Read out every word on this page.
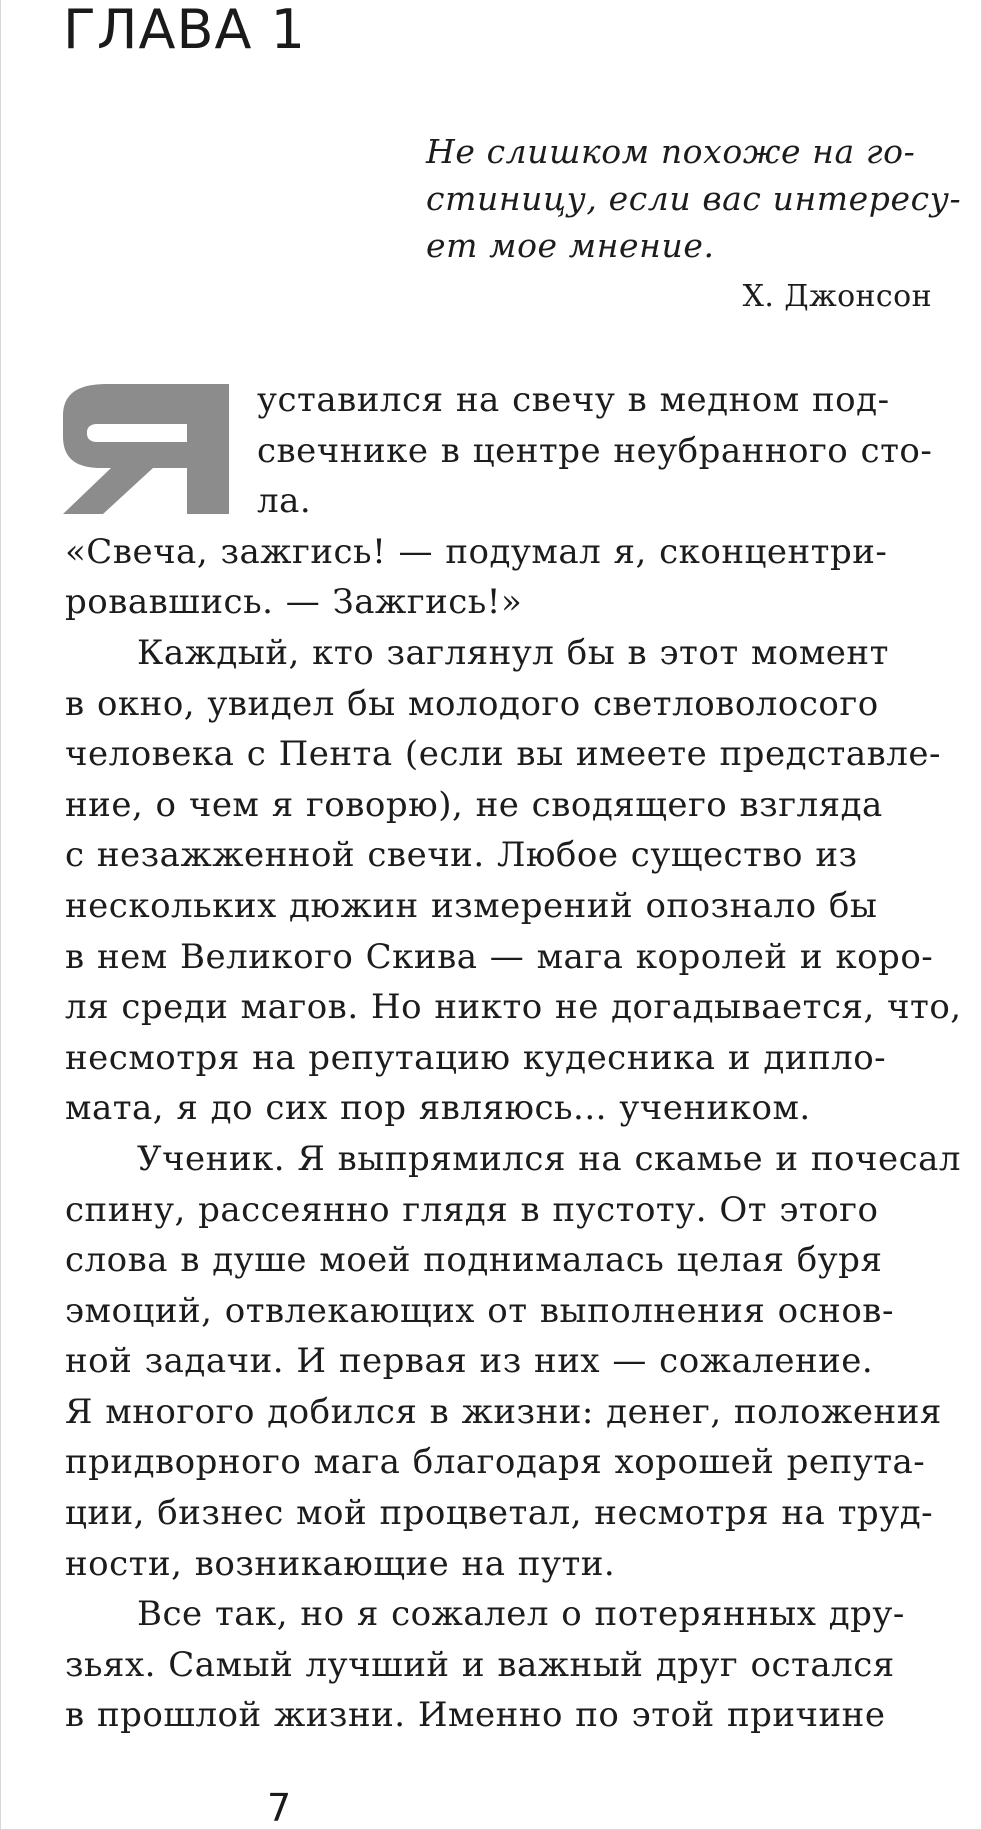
ГЛАВА 1
Не слишком похоже на го-
стиницу, если вас интересу-
ет мое мнение.
Х. Джонсон
уставился на свечу в медном под-
свечнике в центре неубранного сто-
ла.
«Свеча, зажгись! — подумал я, сконцентри-
ровавшись. — Зажгись!»
Каждый, кто заглянул бы в этот момент
в окно, увидел бы молодого светловолосого
человека с Пента (если вы имеете представле-
ние, о чем я говорю), не сводящего взгляда
с незажженной свечи. Любое существо из
нескольких дюжин измерений опознало бы
в нем Великого Скива — мага королей и коро-
ля среди магов. Но никто не догадывается, что,
несмотря на репутацию кудесника и дипло-
мата, я до сих пор являюсь... учеником.
Ученик. Я выпрямился на скамье и почесал
спину, рассеянно глядя в пустоту. От этого
слова в душе моей поднималась целая буря
эмоций, отвлекающих от выполнения основ-
ной задачи. И первая из них — сожаление.
Я многого добился в жизни: денег, положения
придворного мага благодаря хорошей репута-
ции, бизнес мой процветал, несмотря на труд-
ности, возникающие на пути.
Все так, но я сожалел о потерянных дру-
зьях. Самый лучший и важный друг остался
в прошлой жизни. Именно по этой причине
7
